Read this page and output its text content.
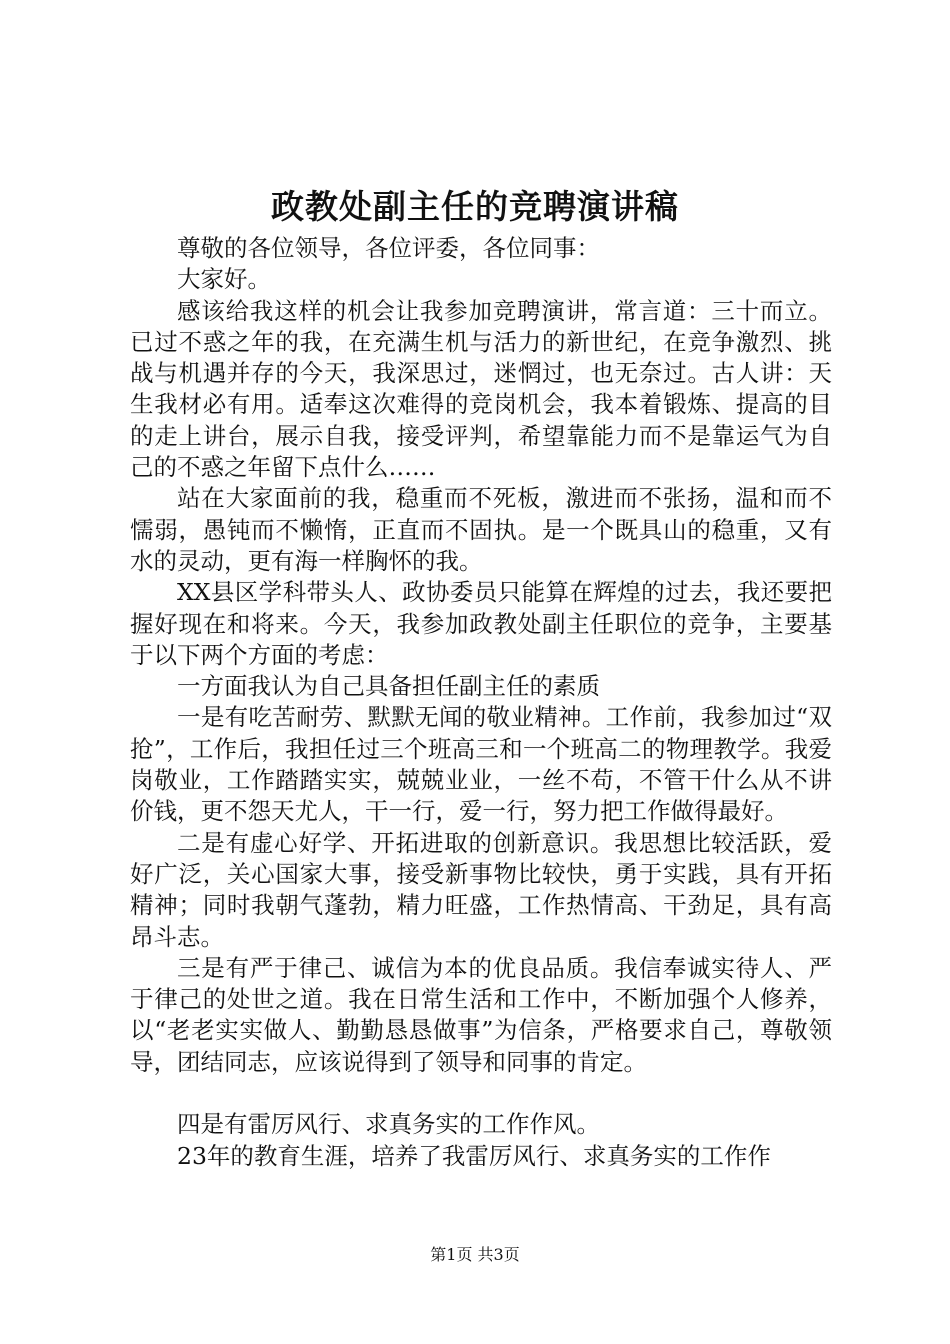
政教处副主任的竞聘演讲稿

尊敬的各位领导，各位评委，各位同事：

大家好。

感该给我这样的机会让我参加竞聘演讲，常言道：三十而立。已过不惑之年的我，在充满生机与活力的新世纪，在竞争激烈、挑战与机遇并存的今天，我深思过，迷惘过，也无奈过。古人讲：天生我材必有用。适奉这次难得的竞岗机会，我本着锻炼、提高的目的走上讲台，展示自我，接受评判，希望靠能力而不是靠运气为自己的不惑之年留下点什么……

站在大家面前的我，稳重而不死板，激进而不张扬，温和而不懦弱，愚钝而不懒惰，正直而不固执。是一个既具山的稳重，又有水的灵动，更有海一样胸怀的我。

XX县区学科带头人、政协委员只能算在辉煌的过去，我还要把握好现在和将来。今天，我参加政教处副主任职位的竞争，主要基于以下两个方面的考虑：

一方面我认为自己具备担任副主任的素质

一是有吃苦耐劳、默默无闻的敬业精神。工作前，我参加过“双抢”，工作后，我担任过三个班高三和一个班高二的物理教学。我爱岗敬业，工作踏踏实实，兢兢业业，一丝不苟，不管干什么从不讲价钱，更不怨天尤人，干一行，爱一行，努力把工作做得最好。

二是有虚心好学、开拓进取的创新意识。我思想比较活跃，爱好广泛，关心国家大事，接受新事物比较快，勇于实践，具有开拓精神；同时我朝气蓬勃，精力旺盛，工作热情高、干劲足，具有高昂斗志。

三是有严于律己、诚信为本的优良品质。我信奉诚实待人、严于律己的处世之道。我在日常生活和工作中，不断加强个人修养，以“老老实实做人、勤勤恳恳做事”为信条，严格要求自己，尊敬领导，团结同志，应该说得到了领导和同事的肯定。

四是有雷厉风行、求真务实的工作作风。

23年的教育生涯，培养了我雷厉风行、求真务实的工作作

第1页 共3页
